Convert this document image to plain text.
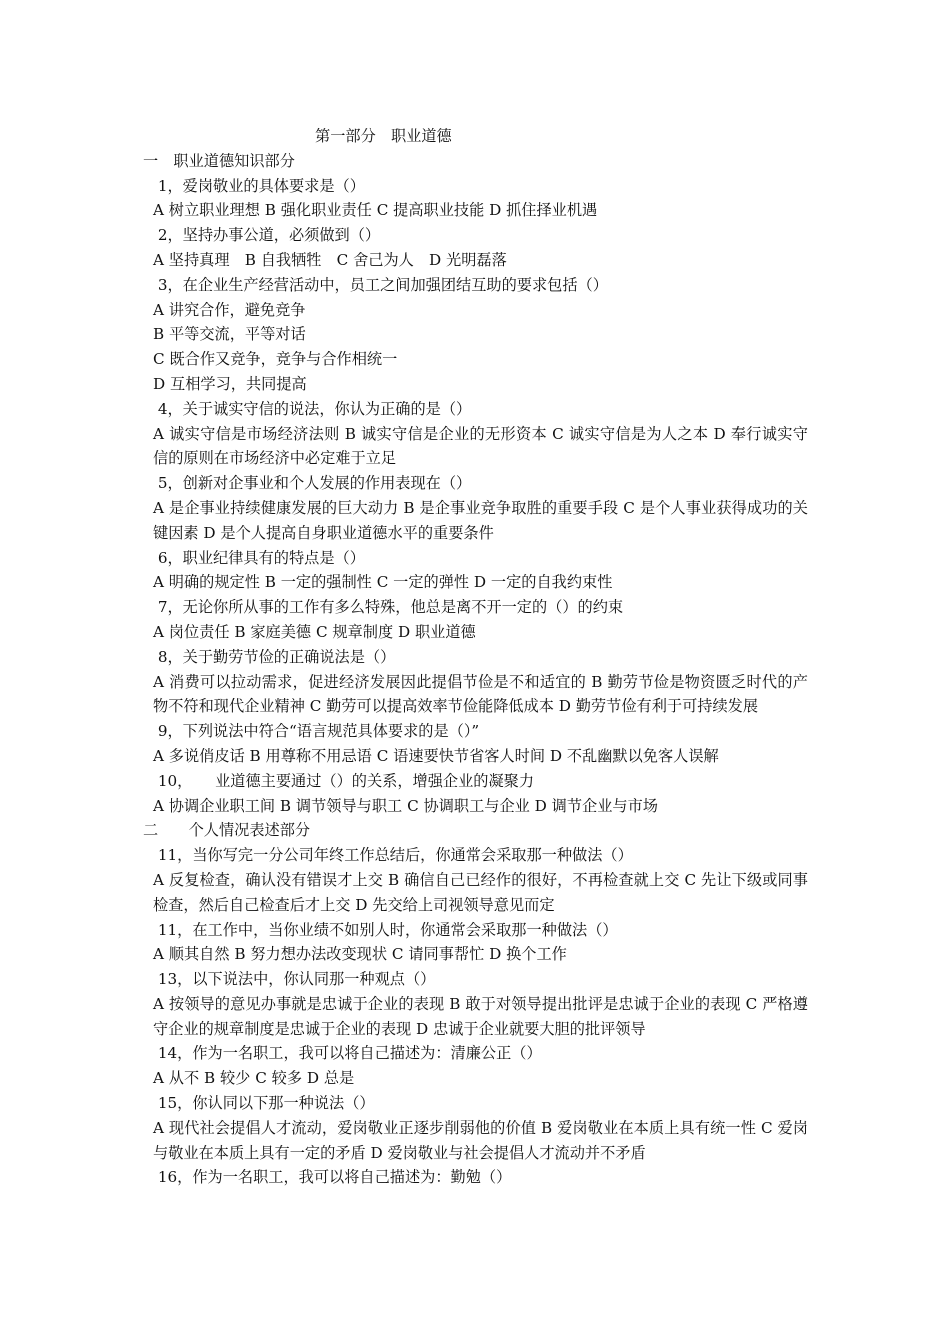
第一部分　职业道德
一　职业道德知识部分
1，爱岗敬业的具体要求是（）
A 树立职业理想 B 强化职业责任 C 提高职业技能 D 抓住择业机遇
2，坚持办事公道，必须做到（）
A 坚持真理　B 自我牺牲　C 舍己为人　D 光明磊落
3，在企业生产经营活动中，员工之间加强团结互助的要求包括（）
A 讲究合作，避免竞争
B 平等交流，平等对话
C 既合作又竞争，竞争与合作相统一
D 互相学习，共同提高
4，关于诚实守信的说法，你认为正确的是（）
A 诚实守信是市场经济法则 B 诚实守信是企业的无形资本 C 诚实守信是为人之本 D 奉行诚实守信的原则在市场经济中必定难于立足
5，创新对企事业和个人发展的作用表现在（）
A 是企事业持续健康发展的巨大动力 B 是企事业竞争取胜的重要手段 C 是个人事业获得成功的关键因素 D 是个人提高自身职业道德水平的重要条件
6，职业纪律具有的特点是（）
A 明确的规定性 B 一定的强制性 C 一定的弹性 D 一定的自我约束性
7，无论你所从事的工作有多么特殊，他总是离不开一定的（）的约束
A 岗位责任 B 家庭美德 C 规章制度 D 职业道德
8，关于勤劳节俭的正确说法是（）
A 消费可以拉动需求，促进经济发展因此提倡节俭是不和适宜的 B 勤劳节俭是物资匮乏时代的产物不符和现代企业精神 C 勤劳可以提高效率节俭能降低成本 D 勤劳节俭有利于可持续发展
9，下列说法中符合“语言规范具体要求的是（）”
A 多说俏皮话 B 用尊称不用忌语 C 语速要快节省客人时间 D 不乱幽默以免客人误解
10，　　业道德主要通过（）的关系，增强企业的凝聚力
A 协调企业职工间 B 调节领导与职工 C 协调职工与企业 D 调节企业与市场
二　　个人情况表述部分
11，当你写完一分公司年终工作总结后，你通常会采取那一种做法（）
A 反复检查，确认没有错误才上交 B 确信自己已经作的很好，不再检查就上交 C 先让下级或同事检查，然后自己检查后才上交 D 先交给上司视领导意见而定
11，在工作中，当你业绩不如别人时，你通常会采取那一种做法（）
A 顺其自然 B 努力想办法改变现状 C 请同事帮忙 D 换个工作
13，以下说法中，你认同那一种观点（）
A 按领导的意见办事就是忠诚于企业的表现 B 敢于对领导提出批评是忠诚于企业的表现 C 严格遵守企业的规章制度是忠诚于企业的表现 D 忠诚于企业就要大胆的批评领导
14，作为一名职工，我可以将自己描述为：清廉公正（）
A 从不 B 较少 C 较多 D 总是
15，你认同以下那一种说法（）
A 现代社会提倡人才流动，爱岗敬业正逐步削弱他的价值 B 爱岗敬业在本质上具有统一性 C 爱岗与敬业在本质上具有一定的矛盾 D 爱岗敬业与社会提倡人才流动并不矛盾
16，作为一名职工，我可以将自己描述为：勤勉（）
